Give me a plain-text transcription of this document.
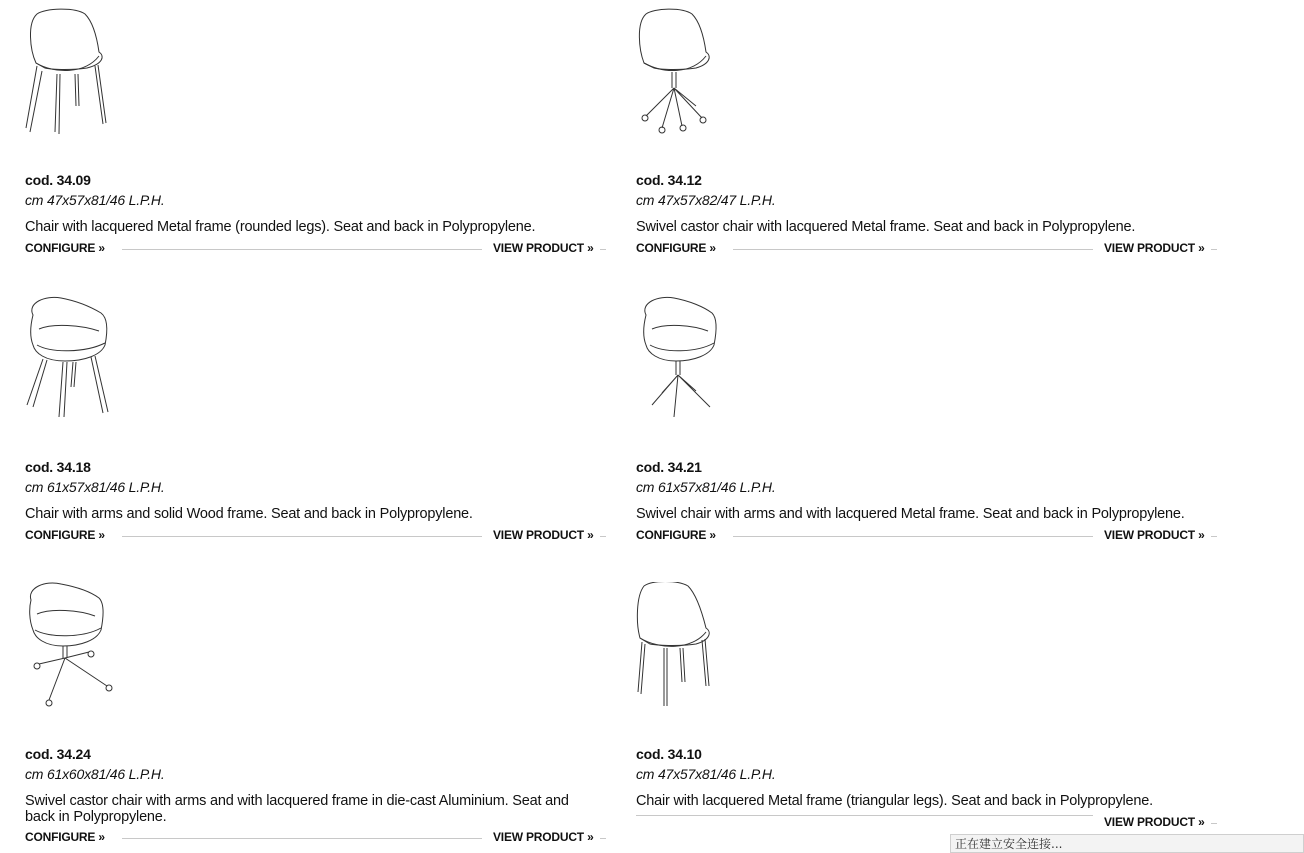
cod. 34.09
cm 47x57x81/46 L.P.H.
Chair with lacquered Metal frame (rounded legs). Seat and back in Polypropylene.
CONFIGURE »	VIEW PRODUCT »
cod. 34.12
cm 47x57x82/47 L.P.H.
Swivel castor chair with lacquered Metal frame. Seat and back in Polypropylene.
CONFIGURE »	VIEW PRODUCT »
cod. 34.18
cm 61x57x81/46 L.P.H.
Chair with arms and solid Wood frame. Seat and back in Polypropylene.
CONFIGURE »	VIEW PRODUCT »
cod. 34.21
cm 61x57x81/46 L.P.H.
Swivel chair with arms and with lacquered Metal frame. Seat and back in Polypropylene.
CONFIGURE »	VIEW PRODUCT »
cod. 34.24
cm 61x60x81/46 L.P.H.
Swivel castor chair with arms and with lacquered frame in die-cast Aluminium. Seat and back in Polypropylene.
CONFIGURE »	VIEW PRODUCT »
cod. 34.10
cm 47x57x81/46 L.P.H.
Chair with lacquered Metal frame (triangular legs). Seat and back in Polypropylene.
VIEW PRODUCT »
正在建立安全连接...
